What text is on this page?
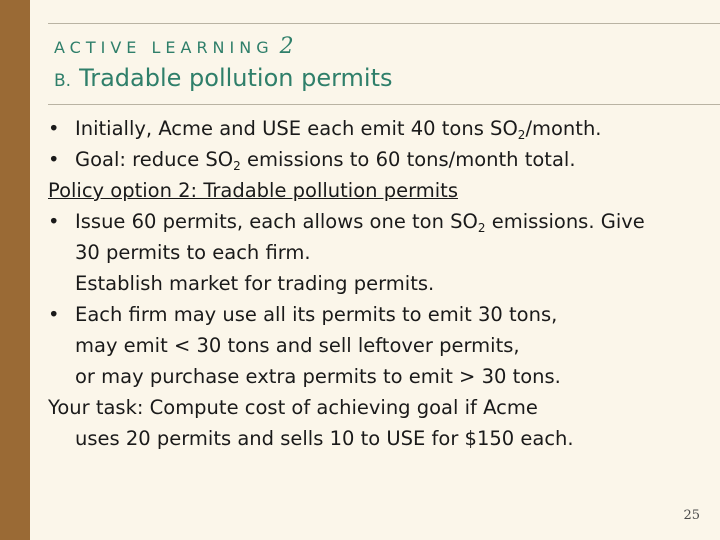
ACTIVE LEARNING 2
B. Tradable pollution permits
• Initially, Acme and USE each emit 40 tons $SO_2$/month.
• Goal: reduce $SO_2$ emissions to 60 tons/month total.
Policy option 2: Tradable pollution permits
• Issue 60 permits, each allows one ton $SO_2$ emissions. Give
30 permits to each firm.
Establish market for trading permits.
• Each firm may use all its permits to emit 30 tons,
may emit < 30 tons and sell leftover permits,
or may purchase extra permits to emit > 30 tons.
Your task: Compute cost of achieving goal if Acme
uses 20 permits and sells 10 to USE for $150 each.
25
